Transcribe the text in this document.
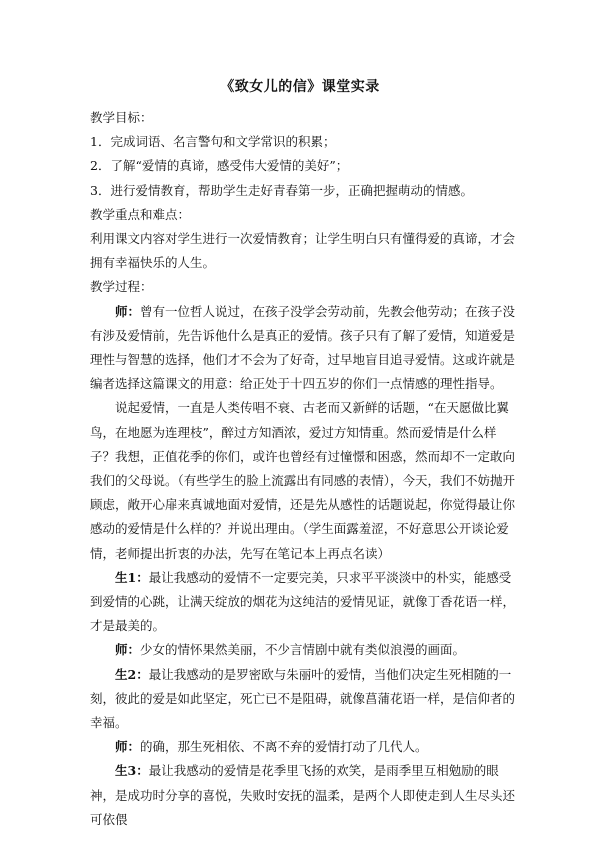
《致女儿的信》课堂实录

教学目标：

1．完成词语、名言警句和文学常识的积累；

2．了解“爱情的真谛，感受伟大爱情的美好”；

3．进行爱情教育，帮助学生走好青春第一步，正确把握萌动的情感。

教学重点和难点：

利用课文内容对学生进行一次爱情教育；让学生明白只有懂得爱的真谛，才会拥有幸福快乐的人生。

教学过程：

师：曾有一位哲人说过，在孩子没学会劳动前，先教会他劳动；在孩子没有涉及爱情前，先告诉他什么是真正的爱情。孩子只有了解了爱情，知道爱是理性与智慧的选择，他们才不会为了好奇，过早地盲目追寻爱情。这或许就是编者选择这篇课文的用意：给正处于十四五岁的你们一点情感的理性指导。

说起爱情，一直是人类传唱不衰、古老而又新鲜的话题，“在天愿做比翼鸟，在地愿为连理枝”，醉过方知酒浓，爱过方知情重。然而爱情是什么样子？我想，正值花季的你们，或许也曾经有过憧憬和困惑，然而却不一定敢向我们的父母说。（有些学生的脸上流露出有同感的表情），今天，我们不妨抛开顾虑，敞开心扉来真诚地面对爱情，还是先从感性的话题说起，你觉得最让你感动的爱情是什么样的？并说出理由。（学生面露羞涩，不好意思公开谈论爱情，老师提出折衷的办法，先写在笔记本上再点名读）

生1：最让我感动的爱情不一定要完美，只求平平淡淡中的朴实，能感受到爱情的心跳，让满天绽放的烟花为这纯洁的爱情见证，就像丁香花语一样，才是最美的。

师：少女的情怀果然美丽，不少言情剧中就有类似浪漫的画面。

生2：最让我感动的是罗密欧与朱丽叶的爱情，当他们决定生死相随的一刻，彼此的爱是如此坚定，死亡已不是阻碍，就像菖蒲花语一样，是信仰者的幸福。

师：的确，那生死相依、不离不弃的爱情打动了几代人。

生3：最让我感动的爱情是花季里飞扬的欢笑，是雨季里互相勉励的眼神，是成功时分享的喜悦，失败时安抚的温柔，是两个人即使走到人生尽头还可依偎
